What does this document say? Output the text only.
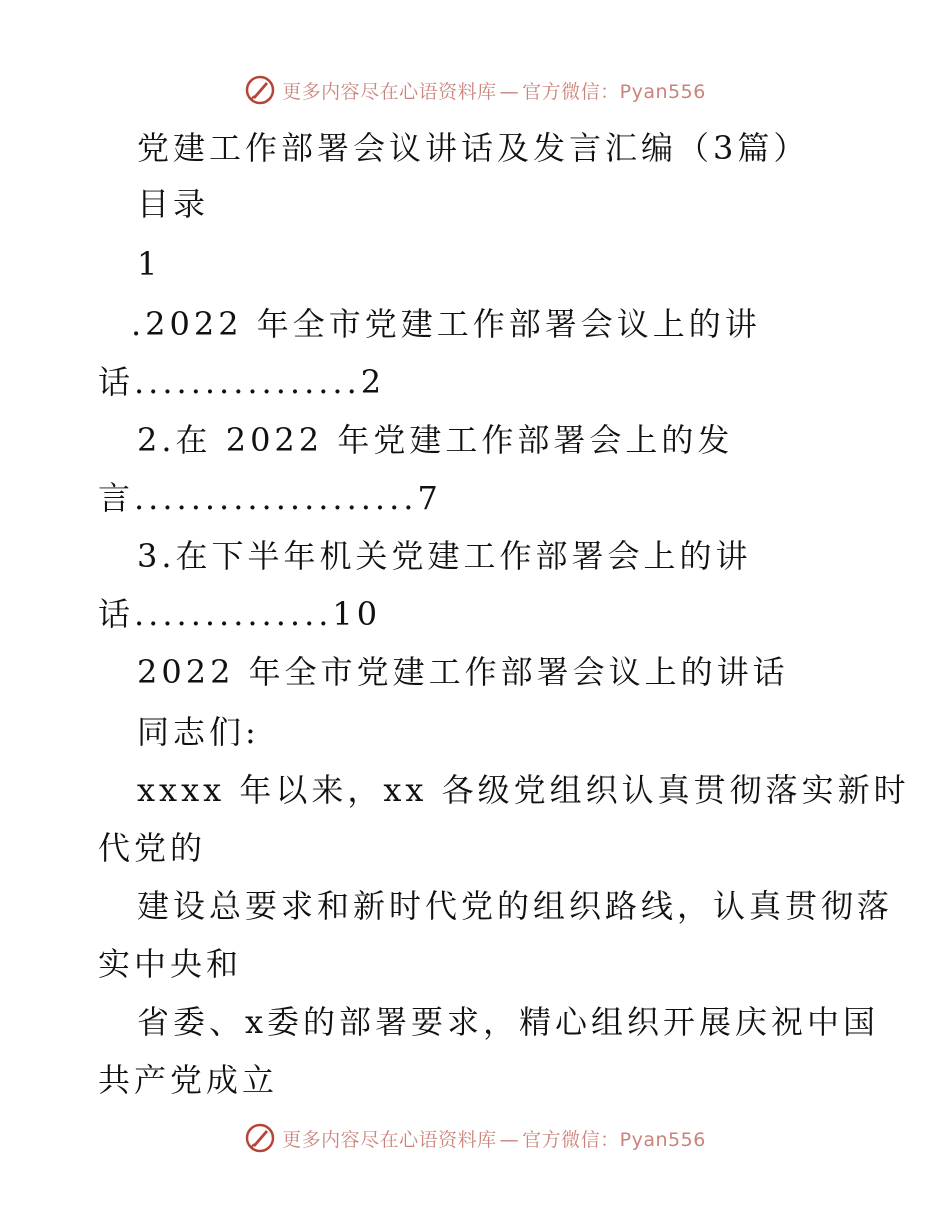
更多内容尽在心语资料库 — 官方微信：Pyan556
党建工作部署会议讲话及发言汇编（3篇）
目录
1
.2022 年全市党建工作部署会议上的讲
话................2
2.在 2022 年党建工作部署会上的发
言....................7
3.在下半年机关党建工作部署会上的讲
话..............10
2022 年全市党建工作部署会议上的讲话
同志们:
xxxx 年以来，xx 各级党组织认真贯彻落实新时
代党的
建设总要求和新时代党的组织路线，认真贯彻落
实中央和
省委、x委的部署要求，精心组织开展庆祝中国
共产党成立
更多内容尽在心语资料库 — 官方微信：Pyan556
